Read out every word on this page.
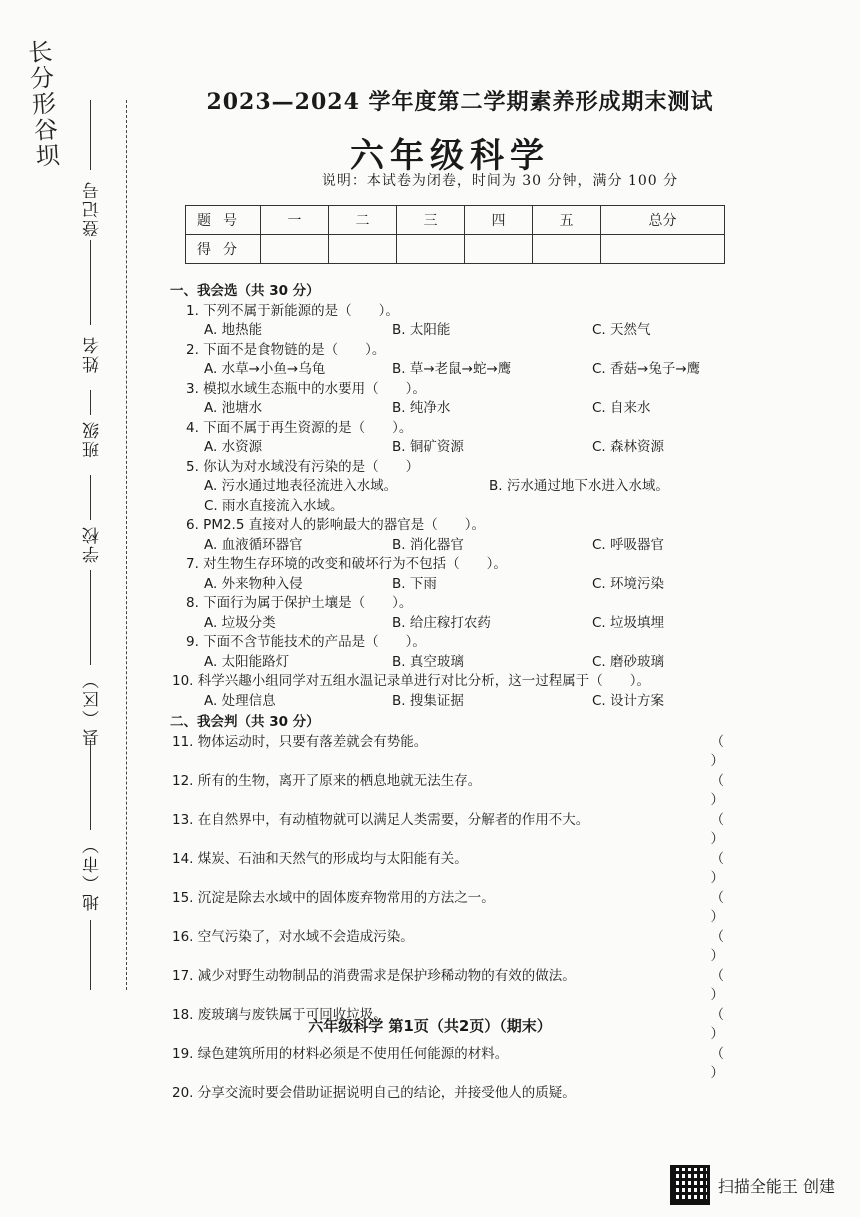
长分形谷坝
登记号
姓名
班级
学校
县（区）
地（市）
2023—2024 学年度第二学期素养形成期末测试
六年级科学
说明：本试卷为闭卷，时间为 30 分钟，满分 100 分
题号	一	二	三	四	五	总分
得分						
一、我会选（共 30 分）
1. 下列不属于新能源的是（　　）。
A. 地热能	B. 太阳能	C. 天然气
2. 下面不是食物链的是（　　）。
A. 水草→小鱼→乌龟	B. 草→老鼠→蛇→鹰	C. 香菇→兔子→鹰
3. 模拟水域生态瓶中的水要用（　　）。
A. 池塘水	B. 纯净水	C. 自来水
4. 下面不属于再生资源的是（　　）。
A. 水资源	B. 铜矿资源	C. 森林资源
5. 你认为对水域没有污染的是（　　）
A. 污水通过地表径流进入水域。	B. 污水通过地下水进入水域。
C. 雨水直接流入水域。
6. PM2.5 直接对人的影响最大的器官是（　　）。
A. 血液循环器官	B. 消化器官	C. 呼吸器官
7. 对生物生存环境的改变和破坏行为不包括（　　）。
A. 外来物种入侵	B. 下雨	C. 环境污染
8. 下面行为属于保护土壤是（　　）。
A. 垃圾分类	B. 给庄稼打农药	C. 垃圾填埋
9. 下面不含节能技术的产品是（　　）。
A. 太阳能路灯	B. 真空玻璃	C. 磨砂玻璃
10. 科学兴趣小组同学对五组水温记录单进行对比分析，这一过程属于（　　）。
A. 处理信息	B. 搜集证据	C. 设计方案
二、我会判（共 30 分）
11. 物体运动时，只要有落差就会有势能。	（ ）
12. 所有的生物，离开了原来的栖息地就无法生存。	（ ）
13. 在自然界中，有动植物就可以满足人类需要，分解者的作用不大。	（ ）
14. 煤炭、石油和天然气的形成均与太阳能有关。	（ ）
15. 沉淀是除去水域中的固体废弃物常用的方法之一。	（ ）
16. 空气污染了，对水域不会造成污染。	（ ）
17. 减少对野生动物制品的消费需求是保护珍稀动物的有效的做法。	（ ）
18. 废玻璃与废铁属于可回收垃圾。	（ ）
19. 绿色建筑所用的材料必须是不使用任何能源的材料。	（ ）
20. 分享交流时要会借助证据说明自己的结论，并接受他人的质疑。
六年级科学 第1页（共2页）（期末）
扫描全能王 创建
